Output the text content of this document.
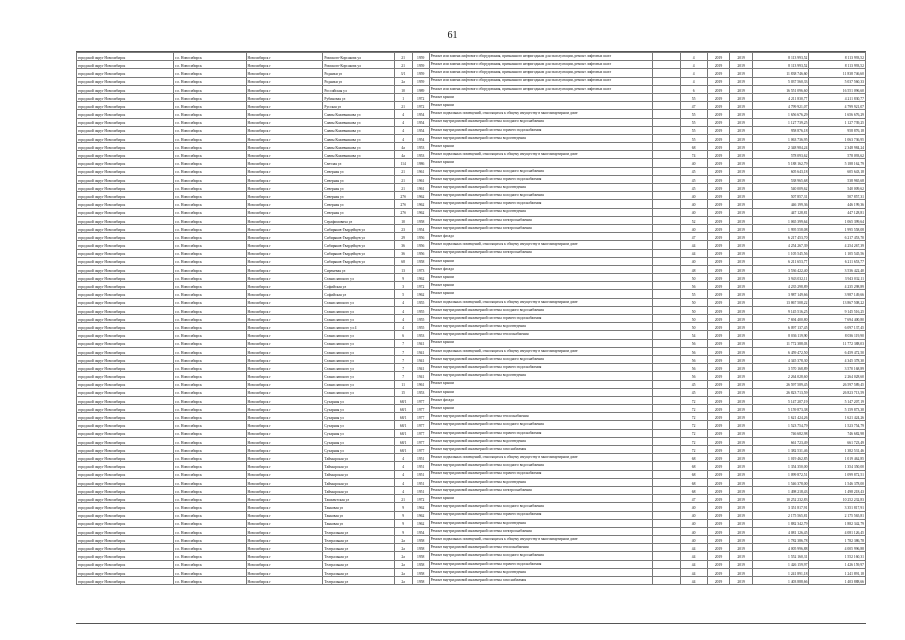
61
городской округ Новосибирск	г.о. Новосибирск	Новосибирск г	Римского-Корсакова ул	21	1959	Ремонт или замена лифтового оборудования, признанного непригодным для эксплуатации, ремонт лифтовых шахт		4	2019	2019	8 113 993,52	8 113 993,52
городской округ Новосибирск	г.о. Новосибирск	Новосибирск г	Римского-Корсакова ул	21	1959	Ремонт или замена лифтового оборудования, признанного непригодным для эксплуатации, ремонт лифтовых шахт		4	2019	2019	8 113 993,52	8 113 993,52
городской округ Новосибирск	г.о. Новосибирск	Новосибирск г	Родники ул	3/1	1959	Ремонт или замена лифтового оборудования, признанного непригодным для эксплуатации, ремонт лифтовых шахт		4	2019	2019	11 838 746,60	11 838 746,60
городской округ Новосибирск	г.о. Новосибирск	Новосибирск г	Родники ул	2а	1959	Ремонт или замена лифтового оборудования, признанного непригодным для эксплуатации, ремонт лифтовых шахт		4	2019	2019	5 037 560,33	5 037 560,33
городской округ Новосибирск	г.о. Новосибирск	Новосибирск г	Российская ул	10	1989	Ремонт или замена лифтового оборудования, признанного непригодным для эксплуатации, ремонт лифтовых шахт		6	2019	2019	16 551 096,60	16 551 096,60
городской округ Новосибирск	г.о. Новосибирск	Новосибирск г	Рубиновая ул	1	1972	Ремонт крыши		55	2019	2019	4 211 830,77	4 211 830,77
городской округ Новосибирск	г.о. Новосибирск	Новосибирск г	Русская ул	21	1972	Ремонт крыши		47	2019	2019	4 799 921,07	4 799 921,07
городской округ Новосибирск	г.о. Новосибирск	Новосибирск г	Саввы Кожевникова ул	4	1954	Ремонт подвальных помещений, относящихся к общему имуществу в многоквартирном доме		55	2019	2019	1 656 676,29	1 656 676,29
городской округ Новосибирск	г.о. Новосибирск	Новосибирск г	Саввы Кожевникова ул	4	1954	Ремонт внутридомовой инженерной системы холодного водоснабжения		55	2019	2019	1 127 739,25	1 127 739,25
городской округ Новосибирск	г.о. Новосибирск	Новосибирск г	Саввы Кожевникова ул	4	1954	Ремонт внутридомовой инженерной системы горячего водоснабжения		55	2019	2019	958 876,18	958 876,18
городской округ Новосибирск	г.о. Новосибирск	Новосибирск г	Саввы Кожевникова ул	4	1954	Ремонт внутридомовой инженерной системы водоотведения		55	2019	2019	1 063 736,95	1 063 736,95
городской округ Новосибирск	г.о. Новосибирск	Новосибирск г	Саввы Кожевникова ул	4а	1953	Ремонт крыши		68	2019	2019	2 348 984,24	2 348 984,24
городской округ Новосибирск	г.о. Новосибирск	Новосибирск г	Саввы Кожевникова ул	4а	1953	Ремонт подвальных помещений, относящихся к общему имуществу в многоквартирном доме		74	2019	2019	578 093,62	578 093,62
городской округ Новосибирск	г.о. Новосибирск	Новосибирск г	Светлая ул	114	1986	Ремонт крыши		40	2019	2019	5 188 162,79	5 188 162,79
городской округ Новосибирск	г.о. Новосибирск	Новосибирск г	Северная ул	21	1961	Ремонт внутридомовой инженерной системы холодного водоснабжения		45	2019	2019	605 643,18	605 643,18
городской округ Новосибирск	г.о. Новосибирск	Новосибирск г	Северная ул	21	1961	Ремонт внутридомовой инженерной системы горячего водоснабжения		45	2019	2019	538 965,68	538 965,68
городской округ Новосибирск	г.о. Новосибирск	Новосибирск г	Северная ул	21	1961	Ремонт внутридомовой инженерной системы водоотведения		45	2019	2019	540 009,62	540 009,62
городской округ Новосибирск	г.о. Новосибирск	Новосибирск г	Северная ул	27б	1962	Ремонт внутридомовой инженерной системы холодного водоснабжения		40	2019	2019	507 857,31	507 857,31
городской округ Новосибирск	г.о. Новосибирск	Новосибирск г	Северная ул	27б	1962	Ремонт внутридомовой инженерной системы горячего водоснабжения		40	2019	2019	446 199,36	446 199,36
городской округ Новосибирск	г.о. Новосибирск	Новосибирск г	Северная ул	27б	1962	Ремонт внутридомовой инженерной системы водоотведения		40	2019	2019	447 128,81	447 128,81
городской округ Новосибирск	г.о. Новосибирск	Новосибирск г	Серафимовича ул	10	1958	Ремонт внутридомовой инженерной системы электроснабжения		52	2019	2019	1 065 399,64	1 065 399,64
городской округ Новосибирск	г.о. Новосибирск	Новосибирск г	Сибиряков-Гвардейцев ул	23	1954	Ремонт внутридомовой инженерной системы электроснабжения		40	2019	2019	1 995 558,08	1 995 558,08
городской округ Новосибирск	г.о. Новосибирск	Новосибирск г	Сибиряков-Гвардейцев ул	29	1956	Ремонт фасада		47	2019	2019	6 217 453,70	6 217 453,70
городской округ Новосибирск	г.о. Новосибирск	Новосибирск г	Сибиряков-Гвардейцев ул	36	1956	Ремонт подвальных помещений, относящихся к общему имуществу в многоквартирном доме		44	2019	2019	4 254 267,39	4 254 267,39
городской округ Новосибирск	г.о. Новосибирск	Новосибирск г	Сибиряков-Гвардейцев ул	36	1956	Ремонт внутридомовой инженерной системы электроснабжения		44	2019	2019	1 105 545,56	1 105 545,56
городской округ Новосибирск	г.о. Новосибирск	Новосибирск г	Сибиряков-Гвардейцев ул	68	1958	Ремонт крыши		40	2019	2019	6 211 653,77	6 211 653,77
городской округ Новосибирск	г.о. Новосибирск	Новосибирск г	Сиреневая ул	13	1973	Ремонт фасада		48	2019	2019	3 536 422,40	3 536 422,40
городской округ Новосибирск	г.о. Новосибирск	Новосибирск г	Станиславского ул	9	1962	Ремонт крыши		50	2019	2019	3 943 032,11	3 943 032,11
городской округ Новосибирск	г.о. Новосибирск	Новосибирск г	Софийская ул	3	1972	Ремонт крыши		56	2019	2019	4 235 298,89	4 235 298,89
городской округ Новосибирск	г.о. Новосибирск	Новосибирск г	Софийская ул	5	1962	Ремонт крыши		55	2019	2019	3 987 149,66	3 987 149,66
городской округ Новосибирск	г.о. Новосибирск	Новосибирск г	Станиславского ул	4	1955	Ремонт подвальных помещений, относящихся к общему имуществу в многоквартирном доме		50	2019	2019	13 867 508,22	13 867 508,22
городской округ Новосибирск	г.о. Новосибирск	Новосибирск г	Станиславского ул	4	1955	Ремонт внутридомовой инженерной системы холодного водоснабжения		50	2019	2019	9 145 516,25	9 145 516,25
городской округ Новосибирск	г.о. Новосибирск	Новосибирск г	Станиславского ул	4	1955	Ремонт внутридомовой инженерной системы горячего водоснабжения		50	2019	2019	7 694 400,80	7 694 400,80
городской округ Новосибирск	г.о. Новосибирск	Новосибирск г	Станиславского ул 4	4	1955	Ремонт внутридомовой инженерной системы водоотведения		50	2019	2019	6 097 137,45	6 097 137,45
городской округ Новосибирск	г.о. Новосибирск	Новосибирск г	Станиславского ул	6	1953	Ремонт внутридомовой инженерной системы теплоснабжения		54	2019	2019	8 036 119,90	8 036 119,90
городской округ Новосибирск	г.о. Новосибирск	Новосибирск г	Станиславского ул	7	1941	Ремонт крыши		56	2019	2019	11 772 388,03	11 772 388,03
городской округ Новосибирск	г.о. Новосибирск	Новосибирск г	Станиславского ул	7	1941	Ремонт подвальных помещений, относящихся к общему имуществу в многоквартирном доме		56	2019	2019	6 459 472,50	6 459 472,50
городской округ Новосибирск	г.о. Новосибирск	Новосибирск г	Станиславского ул	7	1941	Ремонт внутридомовой инженерной системы холодного водоснабжения		56	2019	2019	4 345 378,30	4 345 378,30
городской округ Новосибирск	г.о. Новосибирск	Новосибирск г	Станиславского ул	7	1941	Ремонт внутридомовой инженерной системы горячего водоснабжения		56	2019	2019	3 570 168,89	3 570 168,89
городской округ Новосибирск	г.о. Новосибирск	Новосибирск г	Станиславского ул	7	1941	Ремонт внутридомовой инженерной системы водоотведения		56	2019	2019	2 264 028,60	2 264 028,60
городской округ Новосибирск	г.о. Новосибирск	Новосибирск г	Станиславского ул	11	1961	Ремонт крыши		45	2019	2019	26 597 589,45	26 597 589,45
городской округ Новосибирск	г.о. Новосибирск	Новосибирск г	Станиславского ул	15	1953	Ремонт крыши		45	2019	2019	26 823 713,59	26 823 713,59
городской округ Новосибирск	г.о. Новосибирск	Новосибирск г	Сухарная ул	68/1	1977	Ремонт фасада		72	2019	2019	5 147 207,19	5 147 207,19
городской округ Новосибирск	г.о. Новосибирск	Новосибирск г	Сухарная ул	68/1	1977	Ремонт крыши		72	2019	2019	5 159 873,38	5 159 873,38
городской округ Новосибирск	г.о. Новосибирск	Новосибирск г	Сухарная ул	68/1	1977	Ремонт внутридомовой инженерной системы теплоснабжения		72	2019	2019	1 621 424,26	1 621 424,26
городской округ Новосибирск	г.о. Новосибирск	Новосибирск г	Сухарная ул	68/1	1977	Ремонт внутридомовой инженерной системы холодного водоснабжения		72	2019	2019	1 523 754,79	1 523 754,79
городской округ Новосибирск	г.о. Новосибирск	Новосибирск г	Сухарная ул	68/1	1977	Ремонт внутридомовой инженерной системы горячего водоснабжения		72	2019	2019	746 682,98	746 682,98
городской округ Новосибирск	г.о. Новосибирск	Новосибирск г	Сухарная ул	68/1	1977	Ремонт внутридомовой инженерной системы водоотведения		72	2019	2019	661 723,49	661 723,49
городской округ Новосибирск	г.о. Новосибирск	Новосибирск г	Сухарная ул	68/1	1977	Ремонт внутридомовой инженерной системы газоснабжения		72	2019	2019	1 382 531,46	1 382 531,46
городской округ Новосибирск	г.о. Новосибирск	Новосибирск г	Таймырская ул	4	1951	Ремонт подвальных помещений, относящихся к общему имуществу в многоквартирном доме		68	2019	2019	1 019 462,85	1 019 462,85
городской округ Новосибирск	г.о. Новосибирск	Новосибирск г	Таймырская ул	4	1951	Ремонт внутридомовой инженерной системы холодного водоснабжения		68	2019	2019	1 354 350,00	1 354 350,00
городской округ Новосибирск	г.о. Новосибирск	Новосибирск г	Таймырская ул	4	1951	Ремонт внутридомовой инженерной системы горячего водоснабжения		68	2019	2019	1 099 872,51	1 099 872,51
городской округ Новосибирск	г.о. Новосибирск	Новосибирск г	Таймырская ул	4	1951	Ремонт внутридомовой инженерной системы водоотведения		68	2019	2019	1 546 378,00	1 546 378,00
городской округ Новосибирск	г.о. Новосибирск	Новосибирск г	Таймырская ул	4	1951	Ремонт внутридомовой инженерной системы электроснабжения		68	2019	2019	1 498 218,43	1 498 218,43
городской округ Новосибирск	г.о. Новосибирск	Новосибирск г	Ташкентская ул	21	1972	Ремонт крыши		47	2019	2019	10 252 232,83	10 252 232,83
городской округ Новосибирск	г.о. Новосибирск	Новосибирск г	Танковая ул	9	1962	Ремонт внутридомовой инженерной системы холодного водоснабжения		40	2019	2019	3 351 817,91	3 351 817,91
городской округ Новосибирск	г.о. Новосибирск	Новосибирск г	Танковая ул	9	1962	Ремонт внутридомовой инженерной системы горячего водоснабжения		40	2019	2019	2 175 565,81	2 175 565,81
городской округ Новосибирск	г.о. Новосибирск	Новосибирск г	Танковая ул	9	1962	Ремонт внутридомовой инженерной системы водоотведения		40	2019	2019	1 882 342,79	1 882 342,79
городской округ Новосибирск	г.о. Новосибирск	Новосибирск г	Театральная ул	9	1954	Ремонт внутридомовой инженерной системы электроснабжения		40	2019	2019	4 081 126,45	4 081 126,45
городской округ Новосибирск	г.о. Новосибирск	Новосибирск г	Театральная ул	2а	1958	Ремонт подвальных помещений, относящихся к общему имуществу в многоквартирном доме		40	2019	2019	1 782 386,78	1 782 386,78
городской округ Новосибирск	г.о. Новосибирск	Новосибирск г	Театральная ул	2а	1958	Ремонт внутридомовой инженерной системы теплоснабжения		44	2019	2019	4 005 996,88	4 005 996,88
городской округ Новосибирск	г.о. Новосибирск	Новосибирск г	Театральная ул	2а	1958	Ремонт внутридомовой инженерной системы холодного водоснабжения		44	2019	2019	1 552 160,31	1 552 160,31
городской округ Новосибирск	г.о. Новосибирск	Новосибирск г	Театральная ул	2а	1958	Ремонт внутридомовой инженерной системы горячего водоснабжения		44	2019	2019	1 426 159,97	1 426 159,97
городской округ Новосибирск	г.о. Новосибирск	Новосибирск г	Театральная ул	2а	1958	Ремонт внутридомовой инженерной системы водоотведения		44	2019	2019	1 241 891,18	1 241 891,18
городской округ Новосибирск	г.о. Новосибирск	Новосибирск г	Театральная ул	2а	1958	Ремонт внутридомовой инженерной системы газоснабжения		44	2019	2019	1 403 888,66	1 403 888,66
